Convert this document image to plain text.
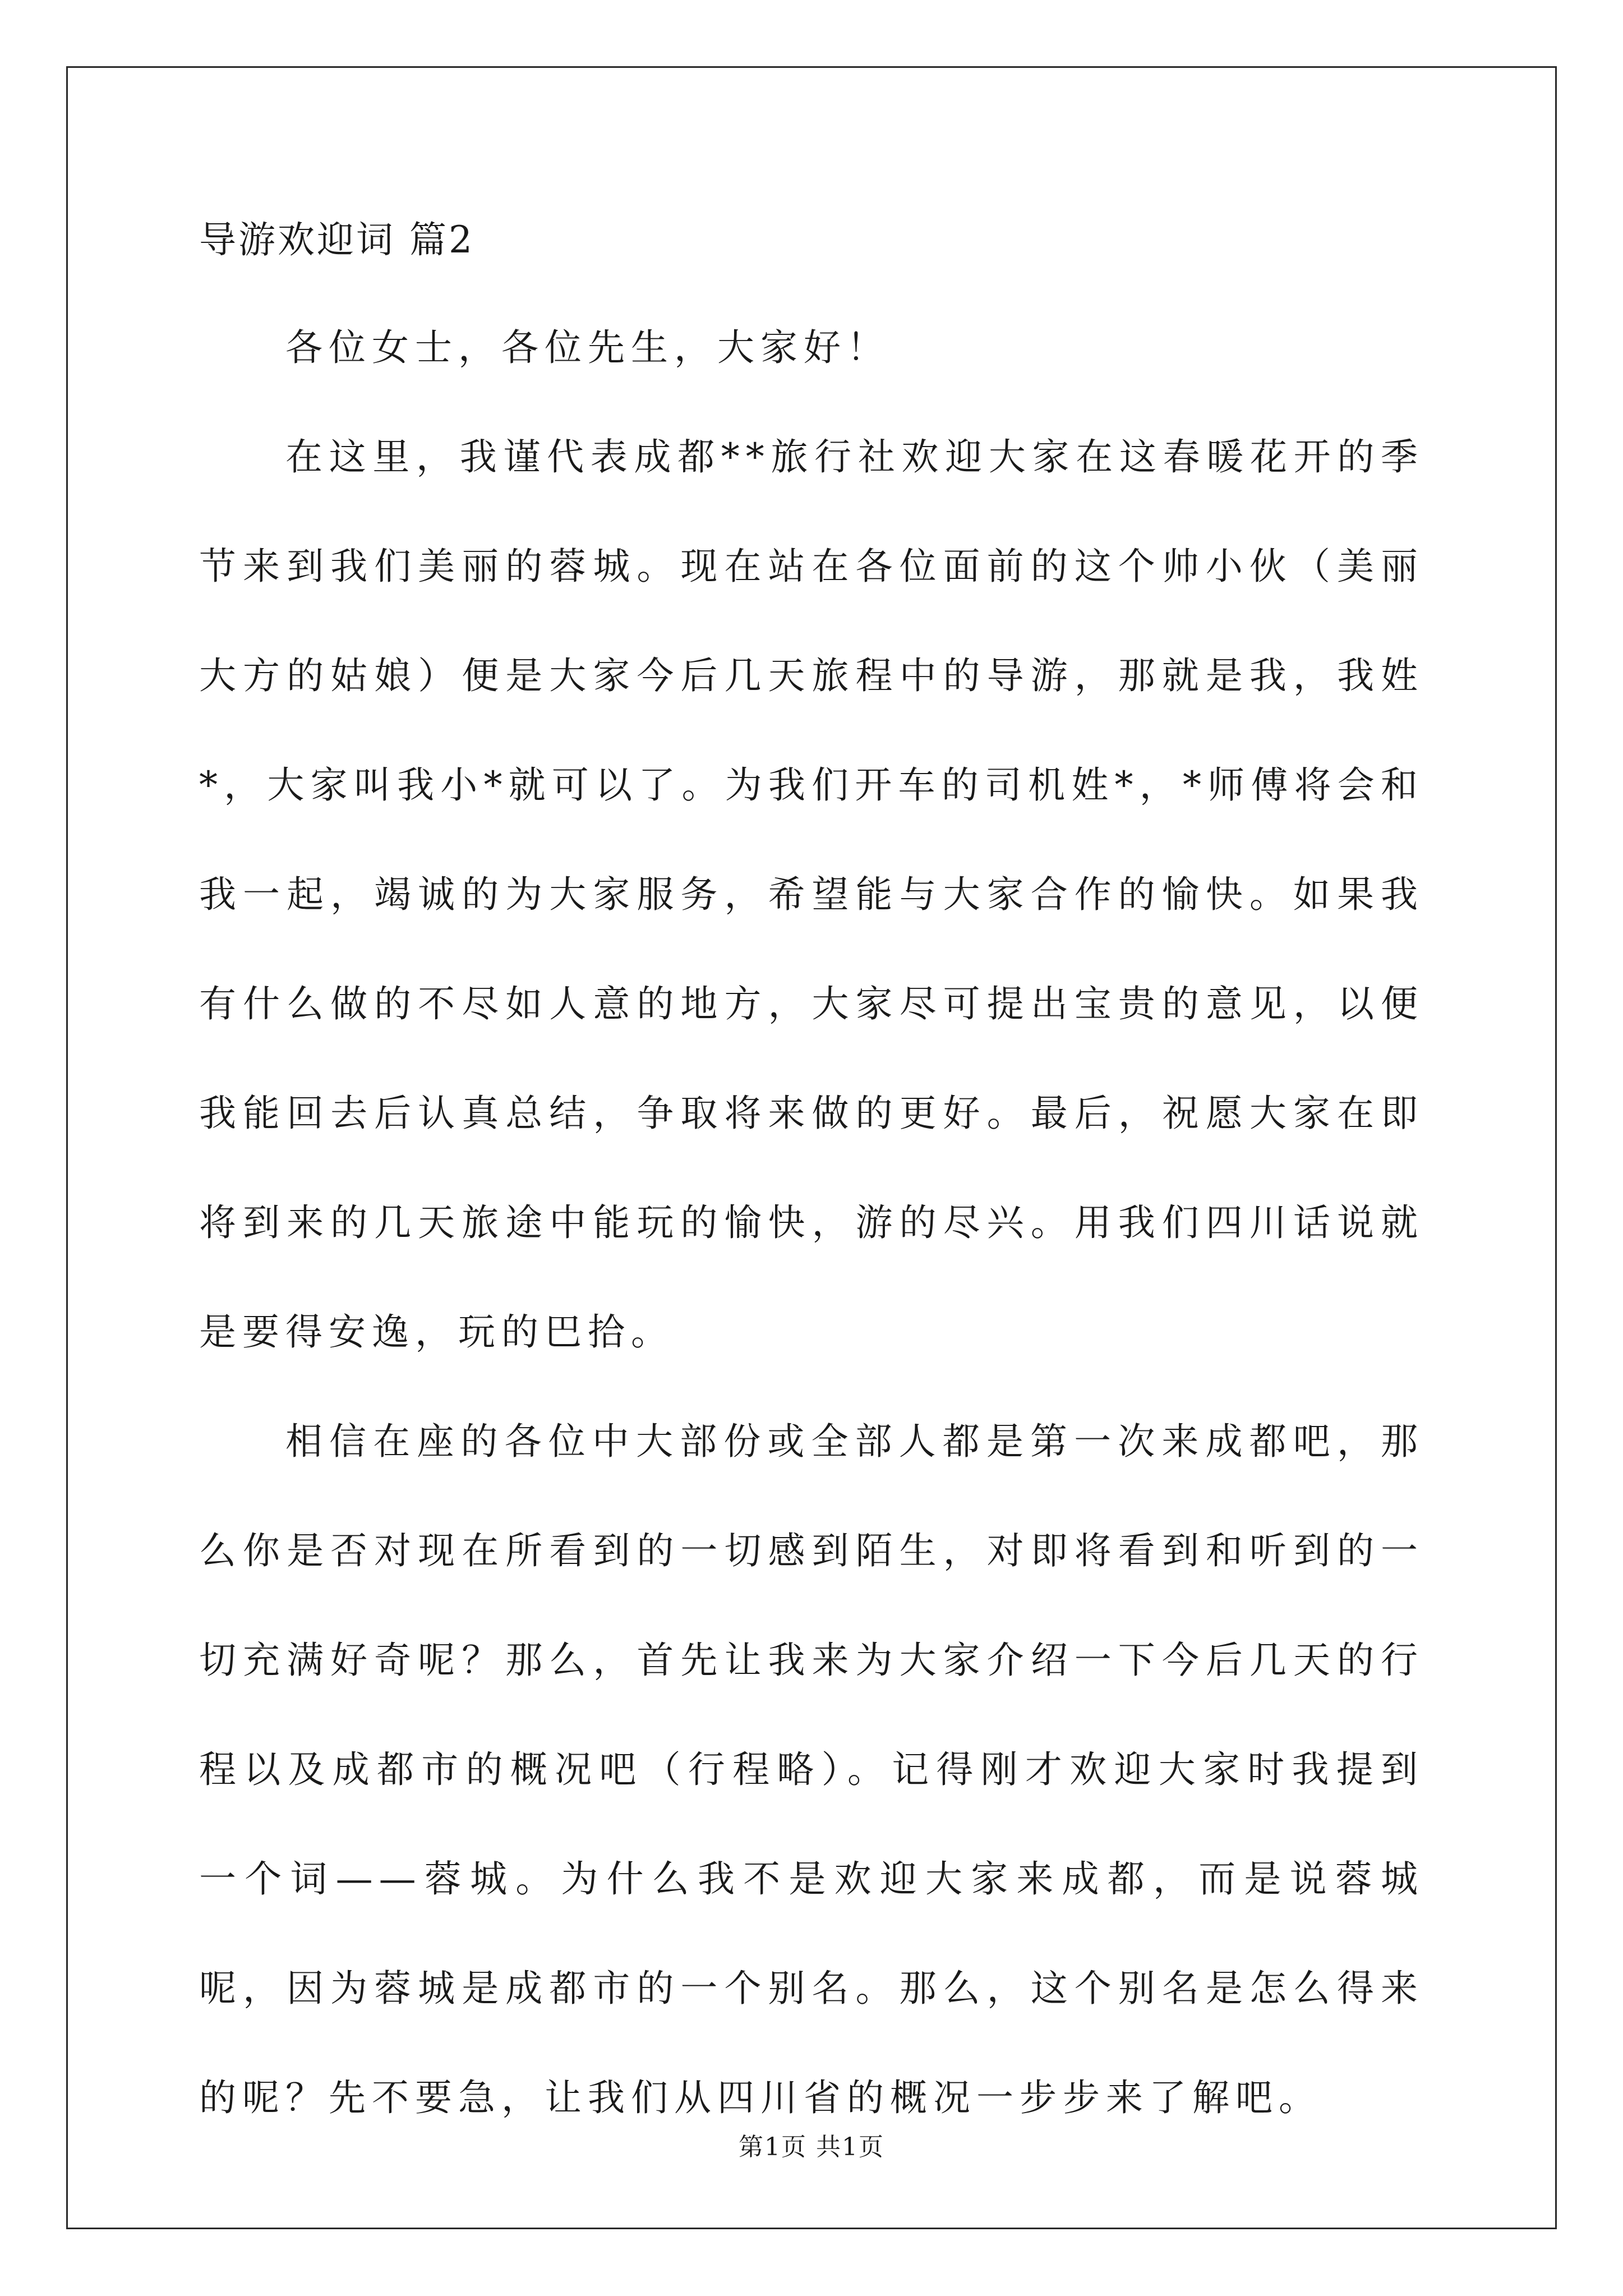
导游欢迎词 篇2

各位女士，各位先生，大家好！

在这里，我谨代表成都**旅行社欢迎大家在这春暖花开的季节来到我们美丽的蓉城。现在站在各位面前的这个帅小伙（美丽大方的姑娘）便是大家今后几天旅程中的导游，那就是我，我姓*，大家叫我小*就可以了。为我们开车的司机姓*，*师傅将会和我一起，竭诚的为大家服务，希望能与大家合作的愉快。如果我有什么做的不尽如人意的地方，大家尽可提出宝贵的意见，以便我能回去后认真总结，争取将来做的更好。最后，祝愿大家在即将到来的几天旅途中能玩的愉快，游的尽兴。用我们四川话说就是要得安逸，玩的巴拾。

相信在座的各位中大部份或全部人都是第一次来成都吧，那么你是否对现在所看到的一切感到陌生，对即将看到和听到的一切充满好奇呢？那么，首先让我来为大家介绍一下今后几天的行程以及成都市的概况吧（行程略）。记得刚才欢迎大家时我提到一个词——蓉城。为什么我不是欢迎大家来成都，而是说蓉城呢，因为蓉城是成都市的一个别名。那么，这个别名是怎么得来的呢？先不要急，让我们从四川省的概况一步步来了解吧。

第1页 共1页
